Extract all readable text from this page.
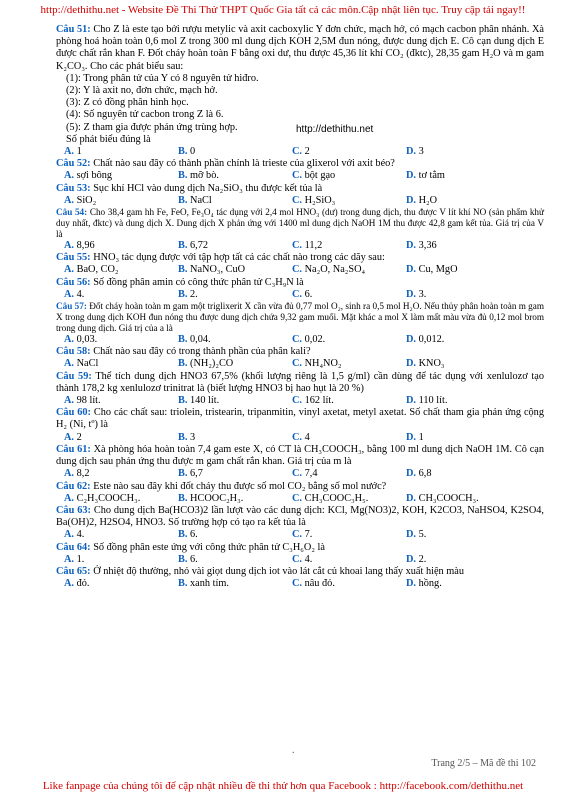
http://dethithu.net - Website Đề Thi Thử THPT Quốc Gia tất cả các môn.Cập nhật liên tục. Truy cập tải ngay!!

Câu 51: Cho Z là este tạo bởi rượu metylic và axit cacboxylic Y đơn chức, mạch hở, có mạch cacbon phân nhánh. Xà phòng hoá hoàn toàn 0,6 mol Z trong 300 ml dung dịch KOH 2,5M đun nóng, được dung dịch E. Cô cạn dung dịch E được chất rắn khan F. Đốt cháy hoàn toàn F bằng oxi dư, thu được 45,36 lít khí CO₂ (đktc), 28,35 gam H₂O và m gam K₂CO₃. Cho các phát biểu sau:

(1): Trong phân tử của Y có 8 nguyên tử hiđro.
(2): Y là axit no, đơn chức, mạch hở.
(3): Z có đồng phân hình học.
(4): Số nguyên tử cacbon trong Z là 6.
(5): Z tham gia được phản ứng trùng hợp.
Số phát biểu đúng là
A. 1	B. 0	C. 2	D. 3

Câu 52: Chất nào sau đây có thành phần chính là trieste của glixerol với axit béo?

A. sợi bông	B. mỡ bò.	C. bột gạo	D. tơ tằm

Câu 53: Sục khí HCl vào dung dịch Na₂SiO₃ thu được kết tủa là

A. SiO₂	B. NaCl	C. H₂SiO₃	D. H₂O

Câu 54: Cho 38,4 gam hh Fe, FeO, Fe₃O₄ tác dụng với 2,4 mol HNO₃ (dư) trong dung dịch, thu được V lít khí NO (sản phẩm khử duy nhất, đktc) và dung dịch X. Dung dịch X phản ứng với 1400 ml dung dịch NaOH 1M thu được 42,8 gam kết tủa. Giá trị của V là

A. 8,96	B. 6,72	C. 11,2	D. 3,36

Câu 55: HNO₃ tác dụng được với tập hợp tất cả các chất nào trong các dãy sau:

A. BaO, CO₂	B. NaNO₃, CuO	C. Na₂O, Na₂SO₄	D. Cu, MgO

Câu 56: Số đồng phân amin có công thức phân tử C₃H₉N là

A. 4.	B. 2.	C. 6.	D. 3.

Câu 57: Đốt cháy hoàn toàn m gam một triglixerit X cần vừa đủ 0,77 mol O₂, sinh ra 0,5 mol H₂O. Nếu thủy phân hoàn toàn m gam X trong dung dịch KOH đun nóng thu được dung dịch chứa 9,32 gam muối. Mặt khác a mol X làm mất màu vừa đủ 0,12 mol brom trong dung dịch. Giá trị của a là

A. 0,03.	B. 0,04.	C. 0,02.	D. 0,012.

Câu 58: Chất nào sau đây có trong thành phần của phân kali?

A. NaCl	B. (NH₂)₂CO	C. NH₄NO₂	D. KNO₃

Câu 59: Thể tích dung dịch HNO3 67,5% (khối lượng riêng là 1,5 g/ml) cần dùng để tác dụng với xenlulozơ tạo thành 178,2 kg xenlulozơ trinitrat là (biết lượng HNO3 bị hao hụt là 20 %)

A. 98 lít.	B. 140 lít.	C. 162 lít.	D. 110 lít.

Câu 60: Cho các chất sau: triolein, tristearin, tripanmitin, vinyl axetat, metyl axetat. Số chất tham gia phản ứng cộng H₂ (Ni, tº) là

A. 2	B. 3	C. 4	D. 1

Câu 61: Xà phòng hóa hoàn toàn 7,4 gam este X, có CT là CH₃COOCH₃, bằng 100 ml dung dịch NaOH 1M. Cô cạn dung dịch sau phản ứng thu được m gam chất rắn khan. Giá trị của m là

A. 8,2	B. 6,7	C. 7,4	D. 6,8

Câu 62: Este nào sau đây khi đốt cháy thu được số mol CO₂ bằng số mol nước?

A. C₂H₃COOCH₃.	B. HCOOC₂H₃.	C. CH₃COOC₃H₅.	D. CH₃COOCH₃.

Câu 63: Cho dung dịch Ba(HCO3)2 lần lượt vào các dung dịch: KCl, Mg(NO3)2, KOH, K2CO3, NaHSO4, K2SO4, Ba(OH)2, H2SO4, HNO3. Số trường hợp có tạo ra kết tủa là

A. 4.	B. 6.	C. 7.	D. 5.

Câu 64: Số đồng phân este ứng với công thức phân tử C₃H₆O₂ là

A. 1.	B. 6.	C. 4.	D. 2.

Câu 65: Ở nhiệt độ thường, nhỏ vài giọt dung dịch iot vào lát cắt củ khoai lang thấy xuất hiện màu

A. đỏ.	B. xanh tím.	C. nâu đỏ.	D. hồng.
http://dethithu.net
.
Trang 2/5 – Mã đề thi 102
Like fanpage của chúng tôi để cập nhật nhiều đề thi thử hơn qua Facebook : http://facebook.com/dethithu.net
